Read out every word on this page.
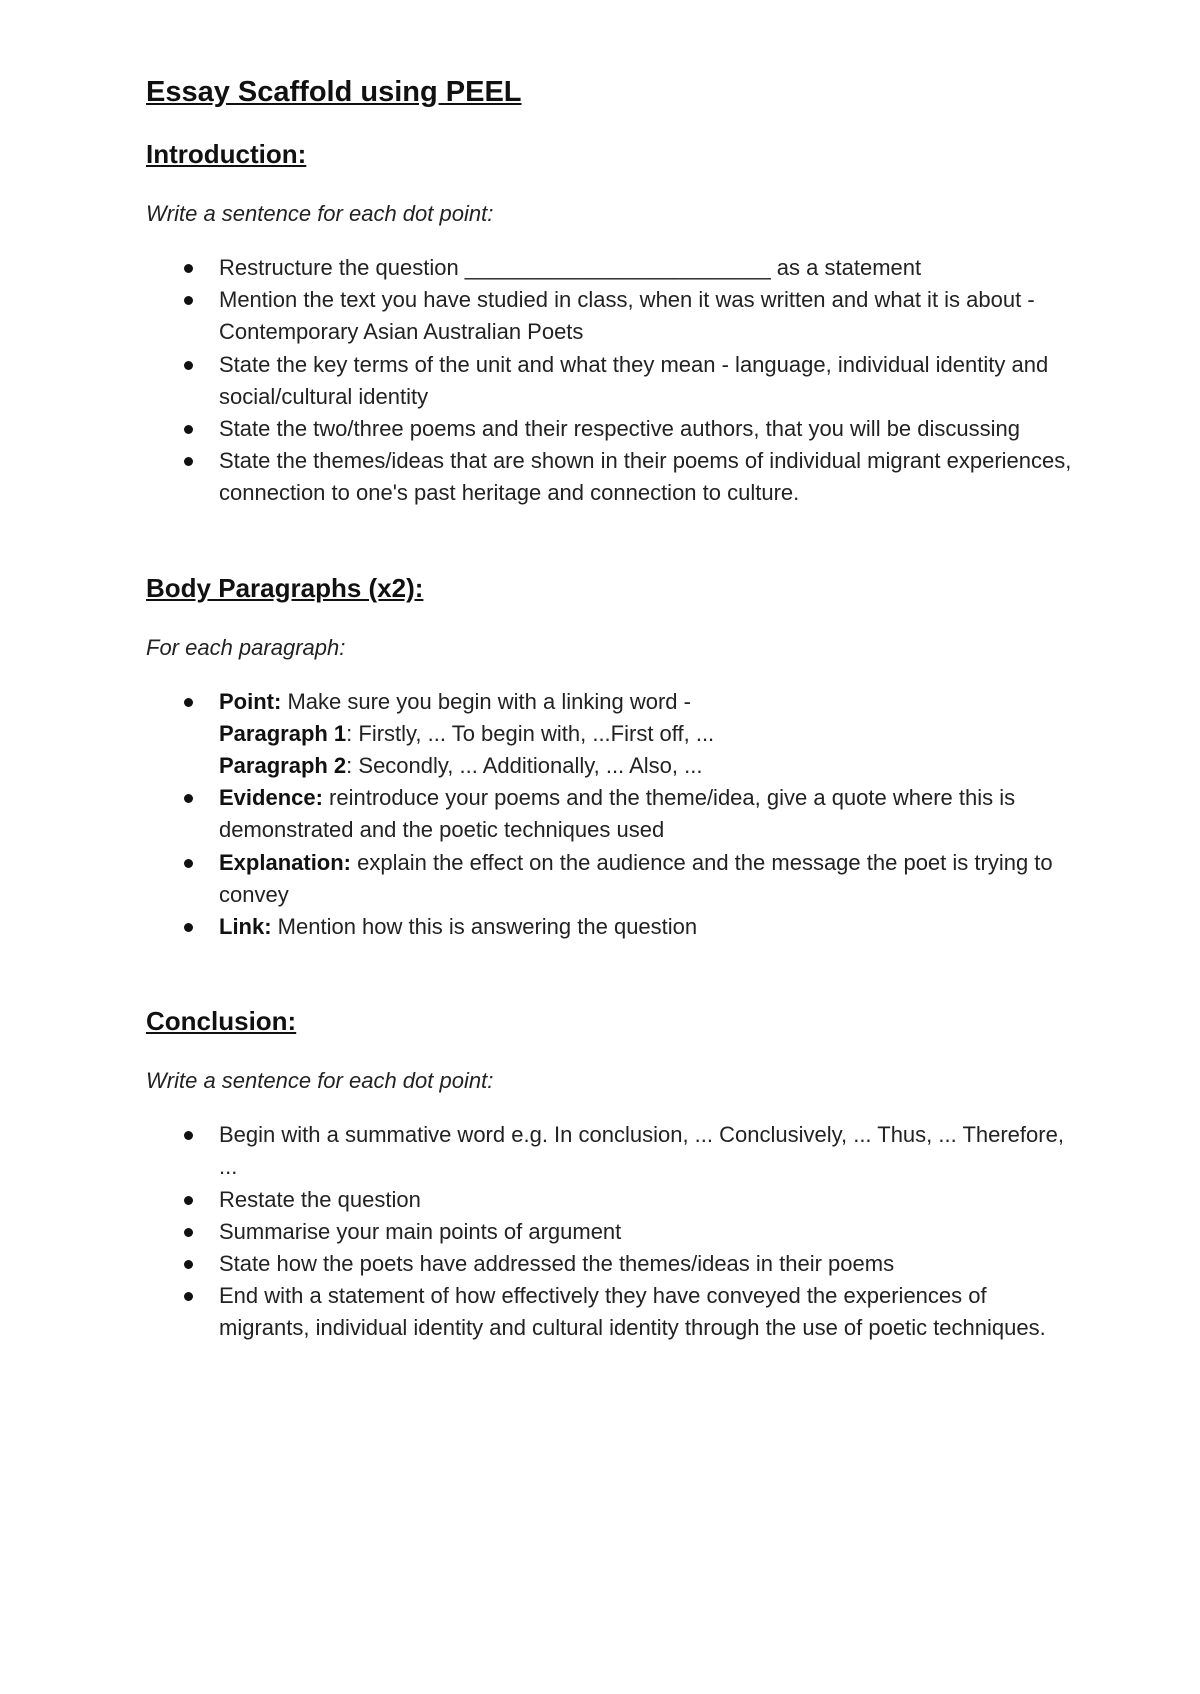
Essay Scaffold using PEEL
Introduction:

Write a sentence for each dot point:

Restructure the question _________________________ as a statement
Mention the text you have studied in class, when it was written and what it is about - Contemporary Asian Australian Poets
State the key terms of the unit and what they mean - language, individual identity and social/cultural identity
State the two/three poems and their respective authors, that you will be discussing
State the themes/ideas that are shown in their poems of individual migrant experiences, connection to one's past heritage and connection to culture.
Body Paragraphs (x2):

For each paragraph:

Point: Make sure you begin with a linking word -
Paragraph 1: Firstly, ... To begin with, ...First off, ...
Paragraph 2: Secondly, ... Additionally, ... Also, ...
Evidence: reintroduce your poems and the theme/idea, give a quote where this is demonstrated and the poetic techniques used
Explanation: explain the effect on the audience and the message the poet is trying to convey
Link: Mention how this is answering the question
Conclusion:

Write a sentence for each dot point:

Begin with a summative word e.g. In conclusion, ... Conclusively, ... Thus, ... Therefore, ...
Restate the question
Summarise your main points of argument
State how the poets have addressed the themes/ideas in their poems
End with a statement of how effectively they have conveyed the experiences of migrants, individual identity and cultural identity through the use of poetic techniques.
